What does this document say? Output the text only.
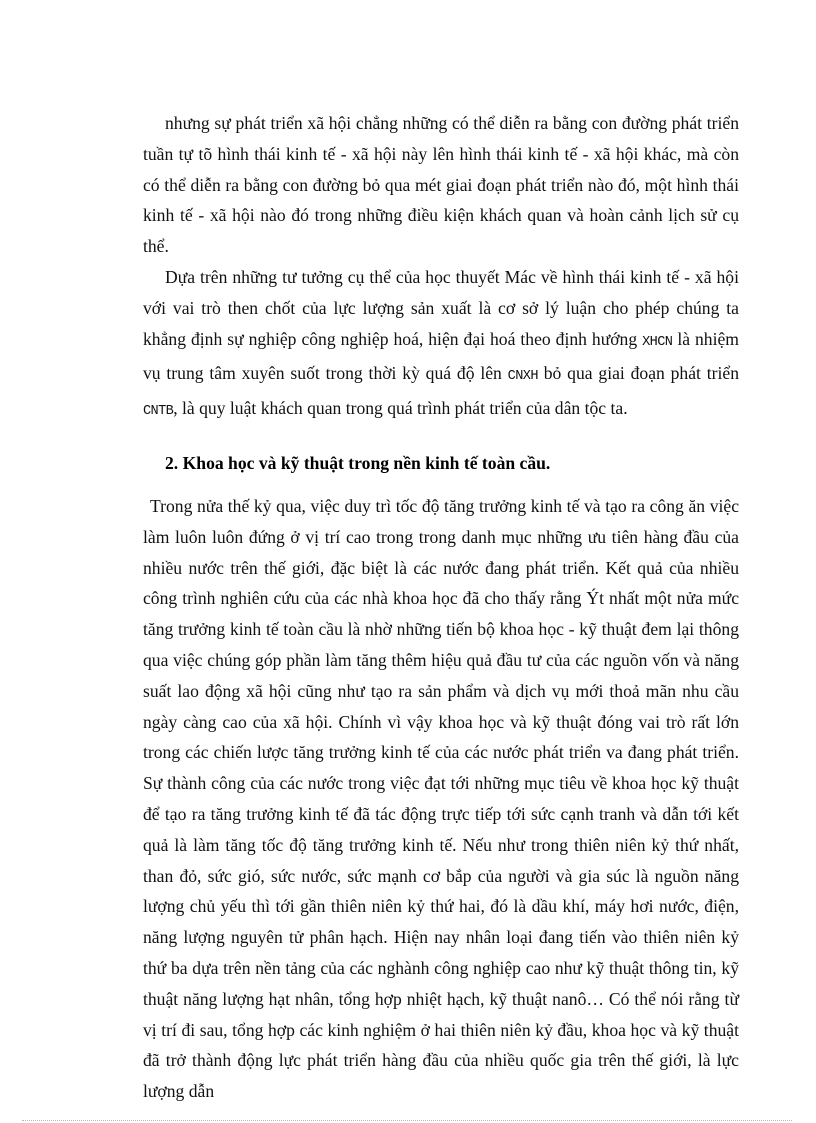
nhưng sự phát triển xã hội chẳng những có thể diễn ra bằng con đường phát triển tuần tự tõ hình thái kinh tế - xã hội này lên hình thái kinh tế - xã hội khác, mà còn có thể diễn ra bằng con đường bỏ qua mét giai đoạn phát triển nào đó, một hình thái kinh tế - xã hội nào đó trong những điều kiện khách quan và hoàn cảnh lịch sử cụ thể.

Dựa trên những tư tưởng cụ thể của học thuyết Mác về hình thái kinh tế - xã hội với vai trò then chốt của lực lượng sản xuất là cơ sở lý luận cho phép chúng ta khẳng định sự nghiệp công nghiệp hoá, hiện đại hoá theo định hướng XHCN là nhiệm vụ trung tâm xuyên suốt trong thời kỳ quá độ lên CNXH bỏ qua giai đoạn phát triển CNTB, là quy luật khách quan trong quá trình phát triển của dân tộc ta.

2. Khoa học và kỹ thuật trong nền kinh tế toàn cầu.

Trong nửa thế kỷ qua, việc duy trì tốc độ tăng trưởng kinh tế và tạo ra công ăn việc làm luôn luôn đứng ở vị trí cao trong trong danh mục những ưu tiên hàng đầu của nhiều nước trên thế giới, đặc biệt là các nước đang phát triển. Kết quả của nhiều công trình nghiên cứu của các nhà khoa học đã cho thấy rằng Ýt nhất một nửa mức tăng trưởng kinh tế toàn cầu là nhờ những tiến bộ khoa học - kỹ thuật đem lại thông qua việc chúng góp phần làm tăng thêm hiệu quả đầu tư của các nguồn vốn và năng suất lao động xã hội cũng như tạo ra sản phẩm và dịch vụ mới thoả mãn nhu cầu ngày càng cao của xã hội. Chính vì vậy khoa học và kỹ thuật đóng vai trò rất lớn trong các chiến lược tăng trưởng kinh tế của các nước phát triển va đang phát triển. Sự thành công của các nước trong việc đạt tới những mục tiêu về khoa học kỹ thuật để tạo ra tăng trưởng kinh tế đã tác động trực tiếp tới sức cạnh tranh và dẫn tới kết quả là làm tăng tốc độ tăng trưởng kinh tế. Nếu như trong thiên niên kỷ thứ nhất, than đỏ, sức gió, sức nước, sức mạnh cơ bắp của người và gia súc là nguồn năng lượng chủ yếu thì tới gần thiên niên kỷ thứ hai, đó là dầu khí, máy hơi nước, điện, năng lượng nguyên tử phân hạch. Hiện nay nhân loại đang tiến vào thiên niên kỷ thứ ba dựa trên nền tảng của các nghành công nghiệp cao như kỹ thuật thông tin, kỹ thuật năng lượng hạt nhân, tổng hợp nhiệt hạch, kỹ thuật nanô… Có thể nói rằng từ vị trí đi sau, tổng hợp các kinh nghiệm ở hai thiên niên kỷ đầu, khoa học và kỹ thuật đã trở thành động lực phát triển hàng đầu của nhiều quốc gia trên thế giới, là lực lượng dẫn
